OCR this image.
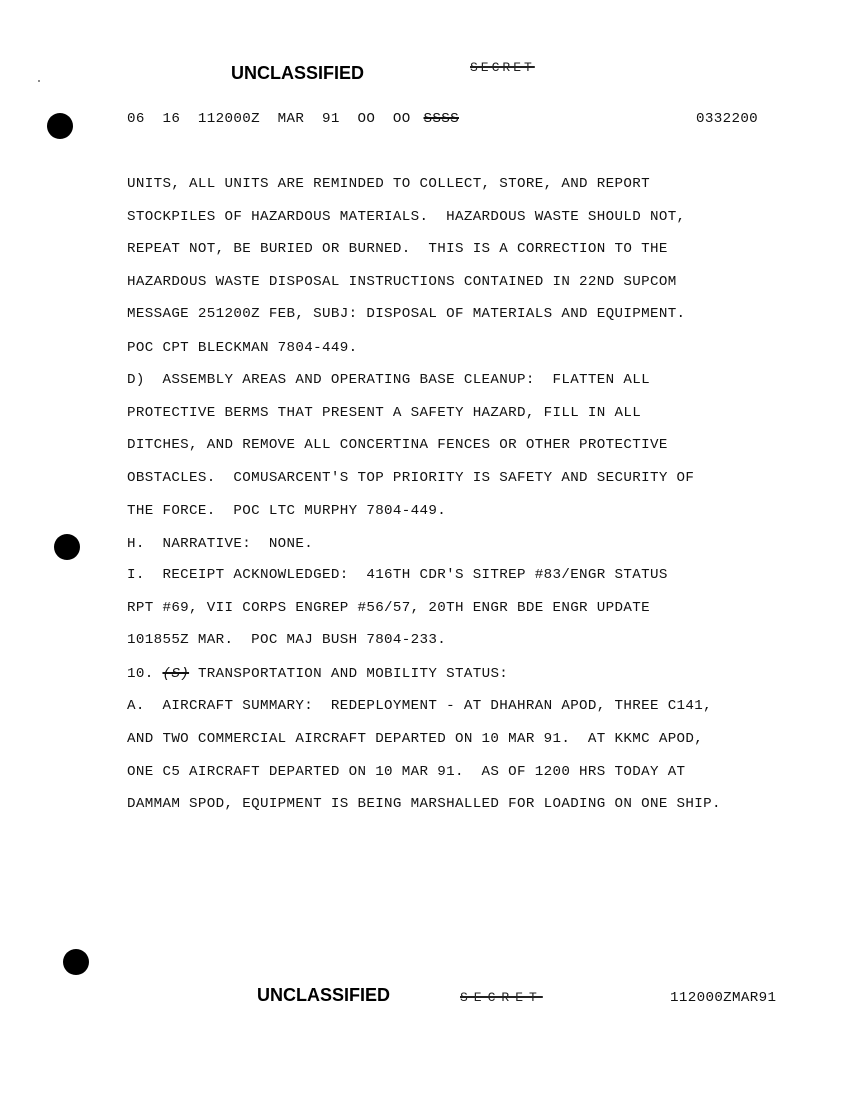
UNCLASSIFIED	SECRET
06  16  112000Z  MAR  91  OO  OO SSSS	0332200
UNITS, ALL UNITS ARE REMINDED TO COLLECT, STORE, AND REPORT
STOCKPILES OF HAZARDOUS MATERIALS.  HAZARDOUS WASTE SHOULD NOT,
REPEAT NOT, BE BURIED OR BURNED.  THIS IS A CORRECTION TO THE
HAZARDOUS WASTE DISPOSAL INSTRUCTIONS CONTAINED IN 22ND SUPCOM
MESSAGE 251200Z FEB, SUBJ: DISPOSAL OF MATERIALS AND EQUIPMENT.
POC CPT BLECKMAN 7804-449.
D)  ASSEMBLY AREAS AND OPERATING BASE CLEANUP:  FLATTEN ALL
PROTECTIVE BERMS THAT PRESENT A SAFETY HAZARD, FILL IN ALL
DITCHES, AND REMOVE ALL CONCERTINA FENCES OR OTHER PROTECTIVE
OBSTACLES.  COMUSARCENT'S TOP PRIORITY IS SAFETY AND SECURITY OF
THE FORCE.  POC LTC MURPHY 7804-449.
H.  NARRATIVE:  NONE.
I.  RECEIPT ACKNOWLEDGED:  416TH CDR'S SITREP #83/ENGR STATUS
RPT #69, VII CORPS ENGREP #56/57, 20TH ENGR BDE ENGR UPDATE
101855Z MAR.  POC MAJ BUSH 7804-233.
10. (S) TRANSPORTATION AND MOBILITY STATUS:
A.  AIRCRAFT SUMMARY:  REDEPLOYMENT - AT DHAHRAN APOD, THREE C141,
AND TWO COMMERCIAL AIRCRAFT DEPARTED ON 10 MAR 91.  AT KKMC APOD,
ONE C5 AIRCRAFT DEPARTED ON 10 MAR 91.  AS OF 1200 HRS TODAY AT
DAMMAM SPOD, EQUIPMENT IS BEING MARSHALLED FOR LOADING ON ONE SHIP.
UNCLASSIFIED	SECRET	112000ZMAR91
